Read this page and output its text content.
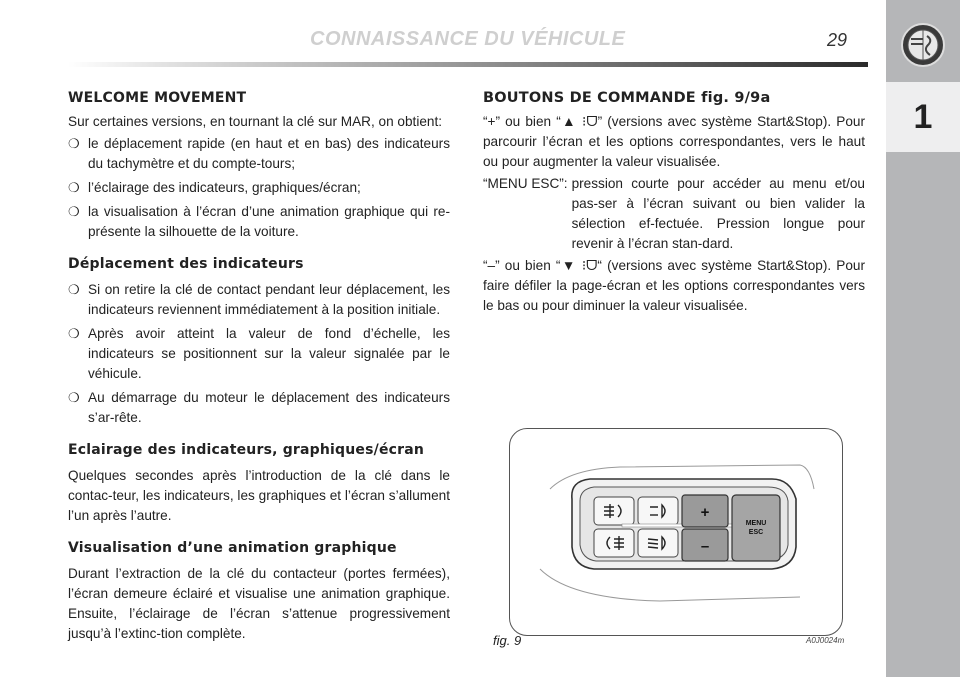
CONNAISSANCE DU VÉHICULE	29
1
WELCOME MOVEMENT

Sur certaines versions, en tournant la clé sur MAR, on obtient:

❍ le déplacement rapide (en haut et en bas) des indicateurs du tachymètre et du compte-tours;
❍ l’éclairage des indicateurs, graphiques/écran;
❍ la visualisation à l’écran d’une animation graphique qui re-présente la silhouette de la voiture.
Déplacement des indicateurs
❍ Si on retire la clé de contact pendant leur déplacement, les indicateurs reviennent immédiatement à la position initiale.
❍ Après avoir atteint la valeur de fond d’échelle, les indicateurs se positionnent sur la valeur signalée par le véhicule.
❍ Au démarrage du moteur le déplacement des indicateurs s’ar-rête.
Eclairage des indicateurs, graphiques/écran

Quelques secondes après l’introduction de la clé dans le contac-teur, les indicateurs, les graphiques et l’écran s’allument l’un après l’autre.

Visualisation d’une animation graphique

Durant l’extraction de la clé du contacteur (portes fermées), l’écran demeure éclairé et visualise une animation graphique. Ensuite, l’éclairage de l’écran s’attenue progressivement jusqu’à l’extinc-tion complète.

BOUTONS DE COMMANDE fig. 9/9a

“+” ou bien “▲ ⁝ᗜ” (versions avec système Start&Stop). Pour parcourir l’écran et les options correspondantes, vers le haut ou pour augmenter la valeur visualisée.

“MENU ESC”: pression courte pour accéder au menu et/ou pas-ser à l’écran suivant ou bien valider la sélection ef-fectuée. Pression longue pour revenir à l’écran stan-dard.

“–” ou bien “▼ ⁝ᗜ“ (versions avec système Start&Stop). Pour faire défiler la page-écran et les options correspondantes vers le bas ou pour diminuer la valeur visualisée.

+
–
MENU
ESC
fig. 9	A0J0024m
